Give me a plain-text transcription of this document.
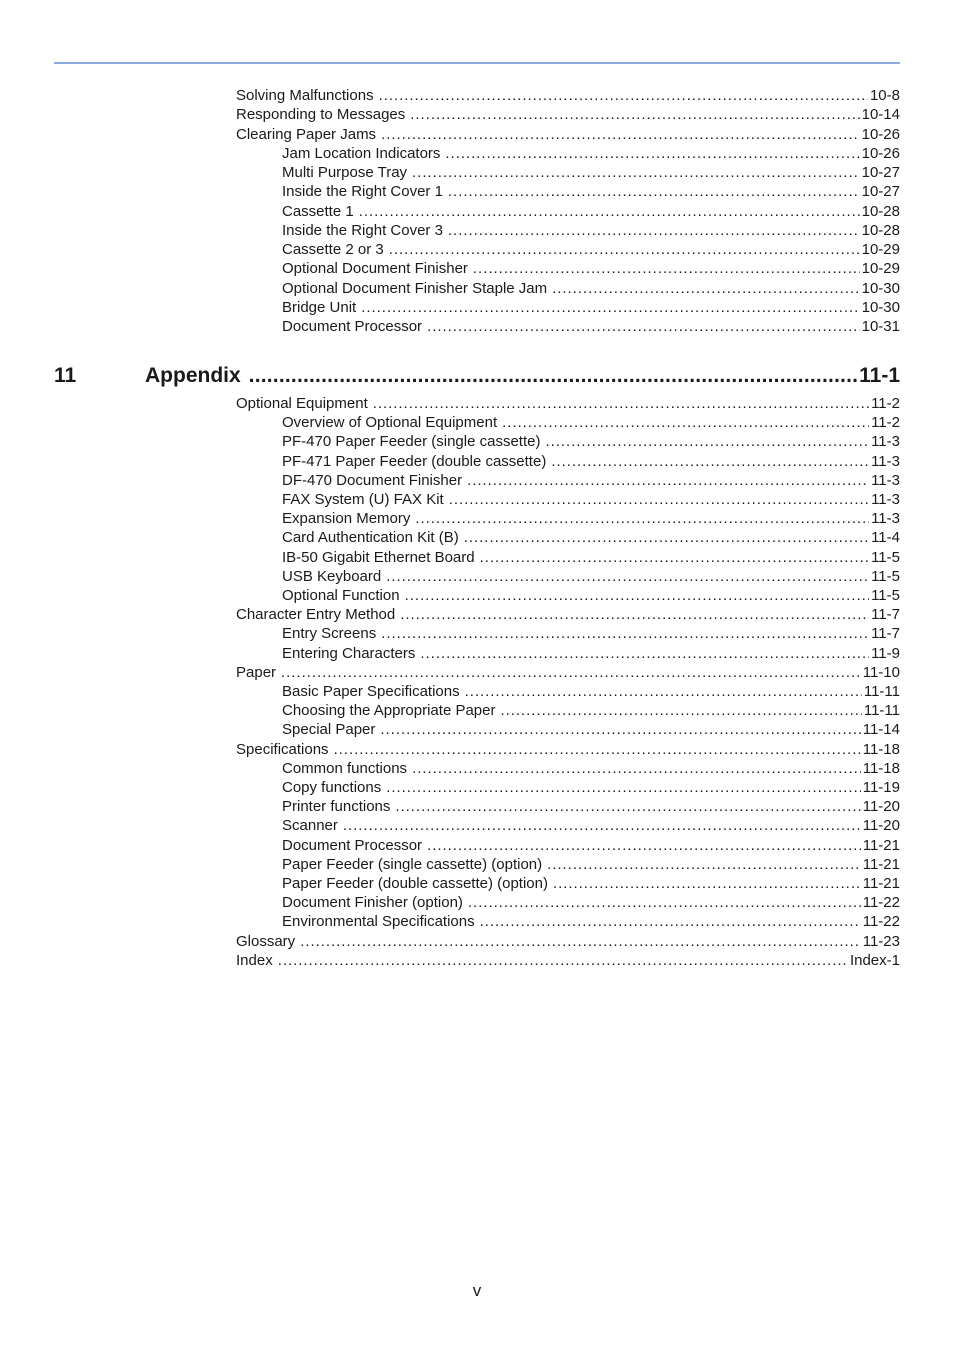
Solving Malfunctions . . .	10-8
Responding to Messages . . .	10-14
Clearing Paper Jams . . .	10-26
Jam Location Indicators . . .	10-26
Multi Purpose Tray . . .	10-27
Inside the Right Cover 1 . . .	10-27
Cassette 1 . . .	10-28
Inside the Right Cover 3 . . .	10-28
Cassette 2 or 3 . . .	10-29
Optional Document Finisher . . .	10-29
Optional Document Finisher Staple Jam . . .	10-30
Bridge Unit . . .	10-30
Document Processor . . .	10-31
11	Appendix .....	11-1
Optional Equipment . . .	11-2
Overview of Optional Equipment . . .	11-2
PF-470 Paper Feeder (single cassette) . . .	11-3
PF-471 Paper Feeder (double cassette) . . .	11-3
DF-470 Document Finisher . . .	11-3
FAX System (U) FAX Kit . . .	11-3
Expansion Memory . . .	11-3
Card Authentication Kit (B) . . .	11-4
IB-50 Gigabit Ethernet Board . . .	11-5
USB Keyboard . . .	11-5
Optional Function . . .	11-5
Character Entry Method . . .	11-7
Entry Screens . . .	11-7
Entering Characters . . .	11-9
Paper . . .	11-10
Basic Paper Specifications . . .	11-11
Choosing the Appropriate Paper . . .	11-11
Special Paper . . .	11-14
Specifications . . .	11-18
Common functions . . .	11-18
Copy functions . . .	11-19
Printer functions . . .	11-20
Scanner . . .	11-20
Document Processor . . .	11-21
Paper Feeder (single cassette) (option) . . .	11-21
Paper Feeder (double cassette) (option) . . .	11-21
Document Finisher (option) . . .	11-22
Environmental Specifications . . .	11-22
Glossary . . .	11-23
Index . . .	Index-1
v
